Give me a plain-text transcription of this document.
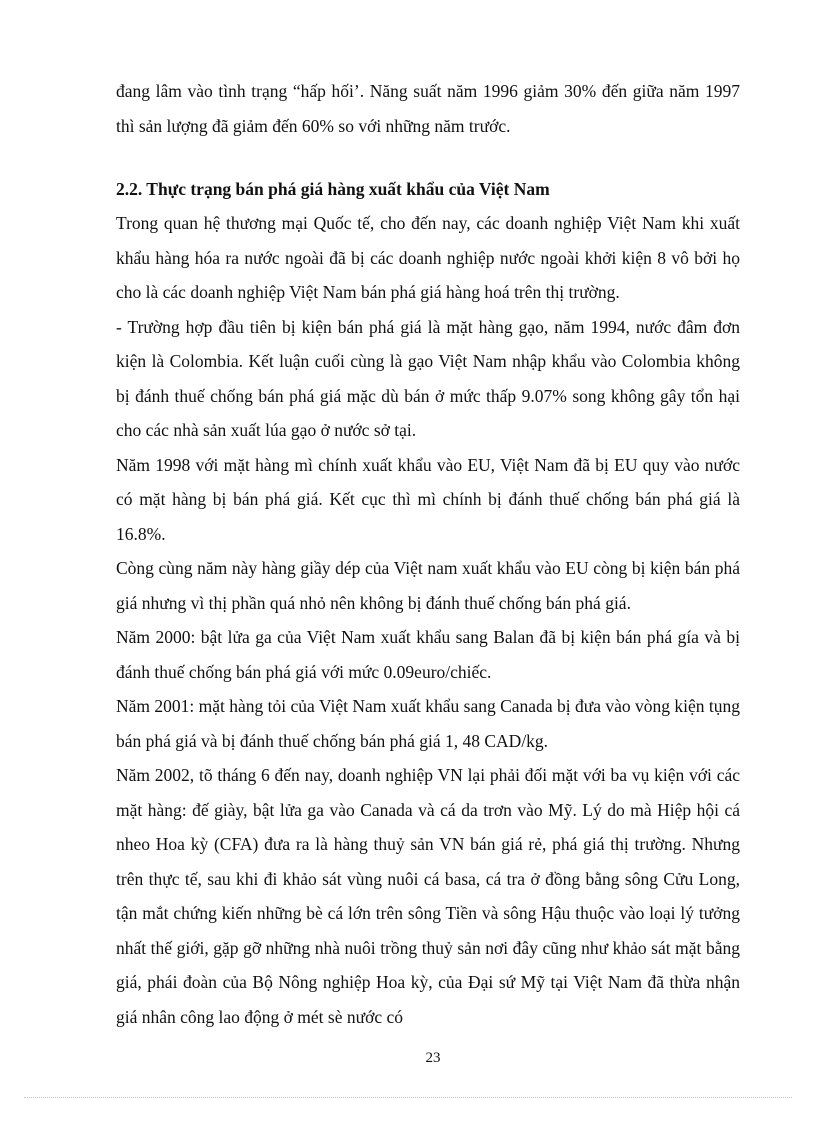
đang lâm vào tình trạng “hấp hối’. Năng suất năm 1996 giảm 30% đến giữa năm 1997 thì sản lượng đã giảm đến 60% so với những năm trước.

2.2. Thực trạng bán phá giá hàng xuất khẩu của Việt Nam

Trong quan hệ thương mại Quốc tế, cho đến nay, các doanh nghiệp Việt Nam khi xuất khẩu hàng hóa ra nước ngoài đã bị các doanh nghiệp nước ngoài khởi kiện 8 vô bởi họ cho là các doanh nghiệp Việt Nam bán phá giá hàng hoá trên thị trường.

- Trường hợp đầu tiên bị kiện bán phá giá là mặt hàng gạo, năm 1994, nước đâm đơn kiện là Colombia. Kết luận cuối cùng là gạo Việt Nam nhập khẩu vào Colombia không bị đánh thuế chống bán phá giá mặc dù bán ở mức thấp 9.07% song không gây tổn hại cho các nhà sản xuất lúa gạo ở nước sở tại.

Năm 1998 với mặt hàng mì chính xuất khẩu vào EU, Việt Nam đã bị EU quy vào nước có mặt hàng bị bán phá giá. Kết cục thì mì chính bị đánh thuế chống bán phá giá là 16.8%.

Còng cùng năm này hàng giầy dép của Việt nam xuất khẩu vào EU còng bị kiện bán phá giá nhưng vì thị phần quá nhỏ nên không bị đánh thuế chống bán phá giá.

Năm 2000: bật lửa ga của Việt Nam xuất khẩu sang Balan đã bị kiện bán phá gía và bị đánh thuế chống bán phá giá với mức 0.09euro/chiếc.

Năm 2001: mặt hàng tỏi của Việt Nam xuất khẩu sang Canada bị đưa vào vòng kiện tụng bán phá giá và bị đánh thuế chống bán phá giá 1, 48 CAD/kg.

Năm 2002, tõ tháng 6 đến nay, doanh nghiệp VN lại phải đối mặt với ba vụ kiện với các mặt hàng: đế giày, bật lửa ga vào Canada và cá da trơn vào Mỹ. Lý do mà Hiệp hội cá nheo Hoa kỳ (CFA) đưa ra là hàng thuỷ sản VN bán giá rẻ, phá giá thị trường. Nhưng trên thực tế, sau khi đi khảo sát vùng nuôi cá basa, cá tra ở đồng bằng sông Cửu Long, tận mắt chứng kiến những bè cá lớn trên sông Tiền và sông Hậu thuộc vào loại lý tưởng nhất thế giới, gặp gỡ những nhà nuôi trồng thuỷ sản nơi đây cũng như khảo sát mặt bằng giá, phái đoàn của Bộ Nông nghiệp Hoa kỳ, của Đại sứ Mỹ tại Việt Nam đã thừa nhận giá nhân công lao động ở mét sè nước có

23
